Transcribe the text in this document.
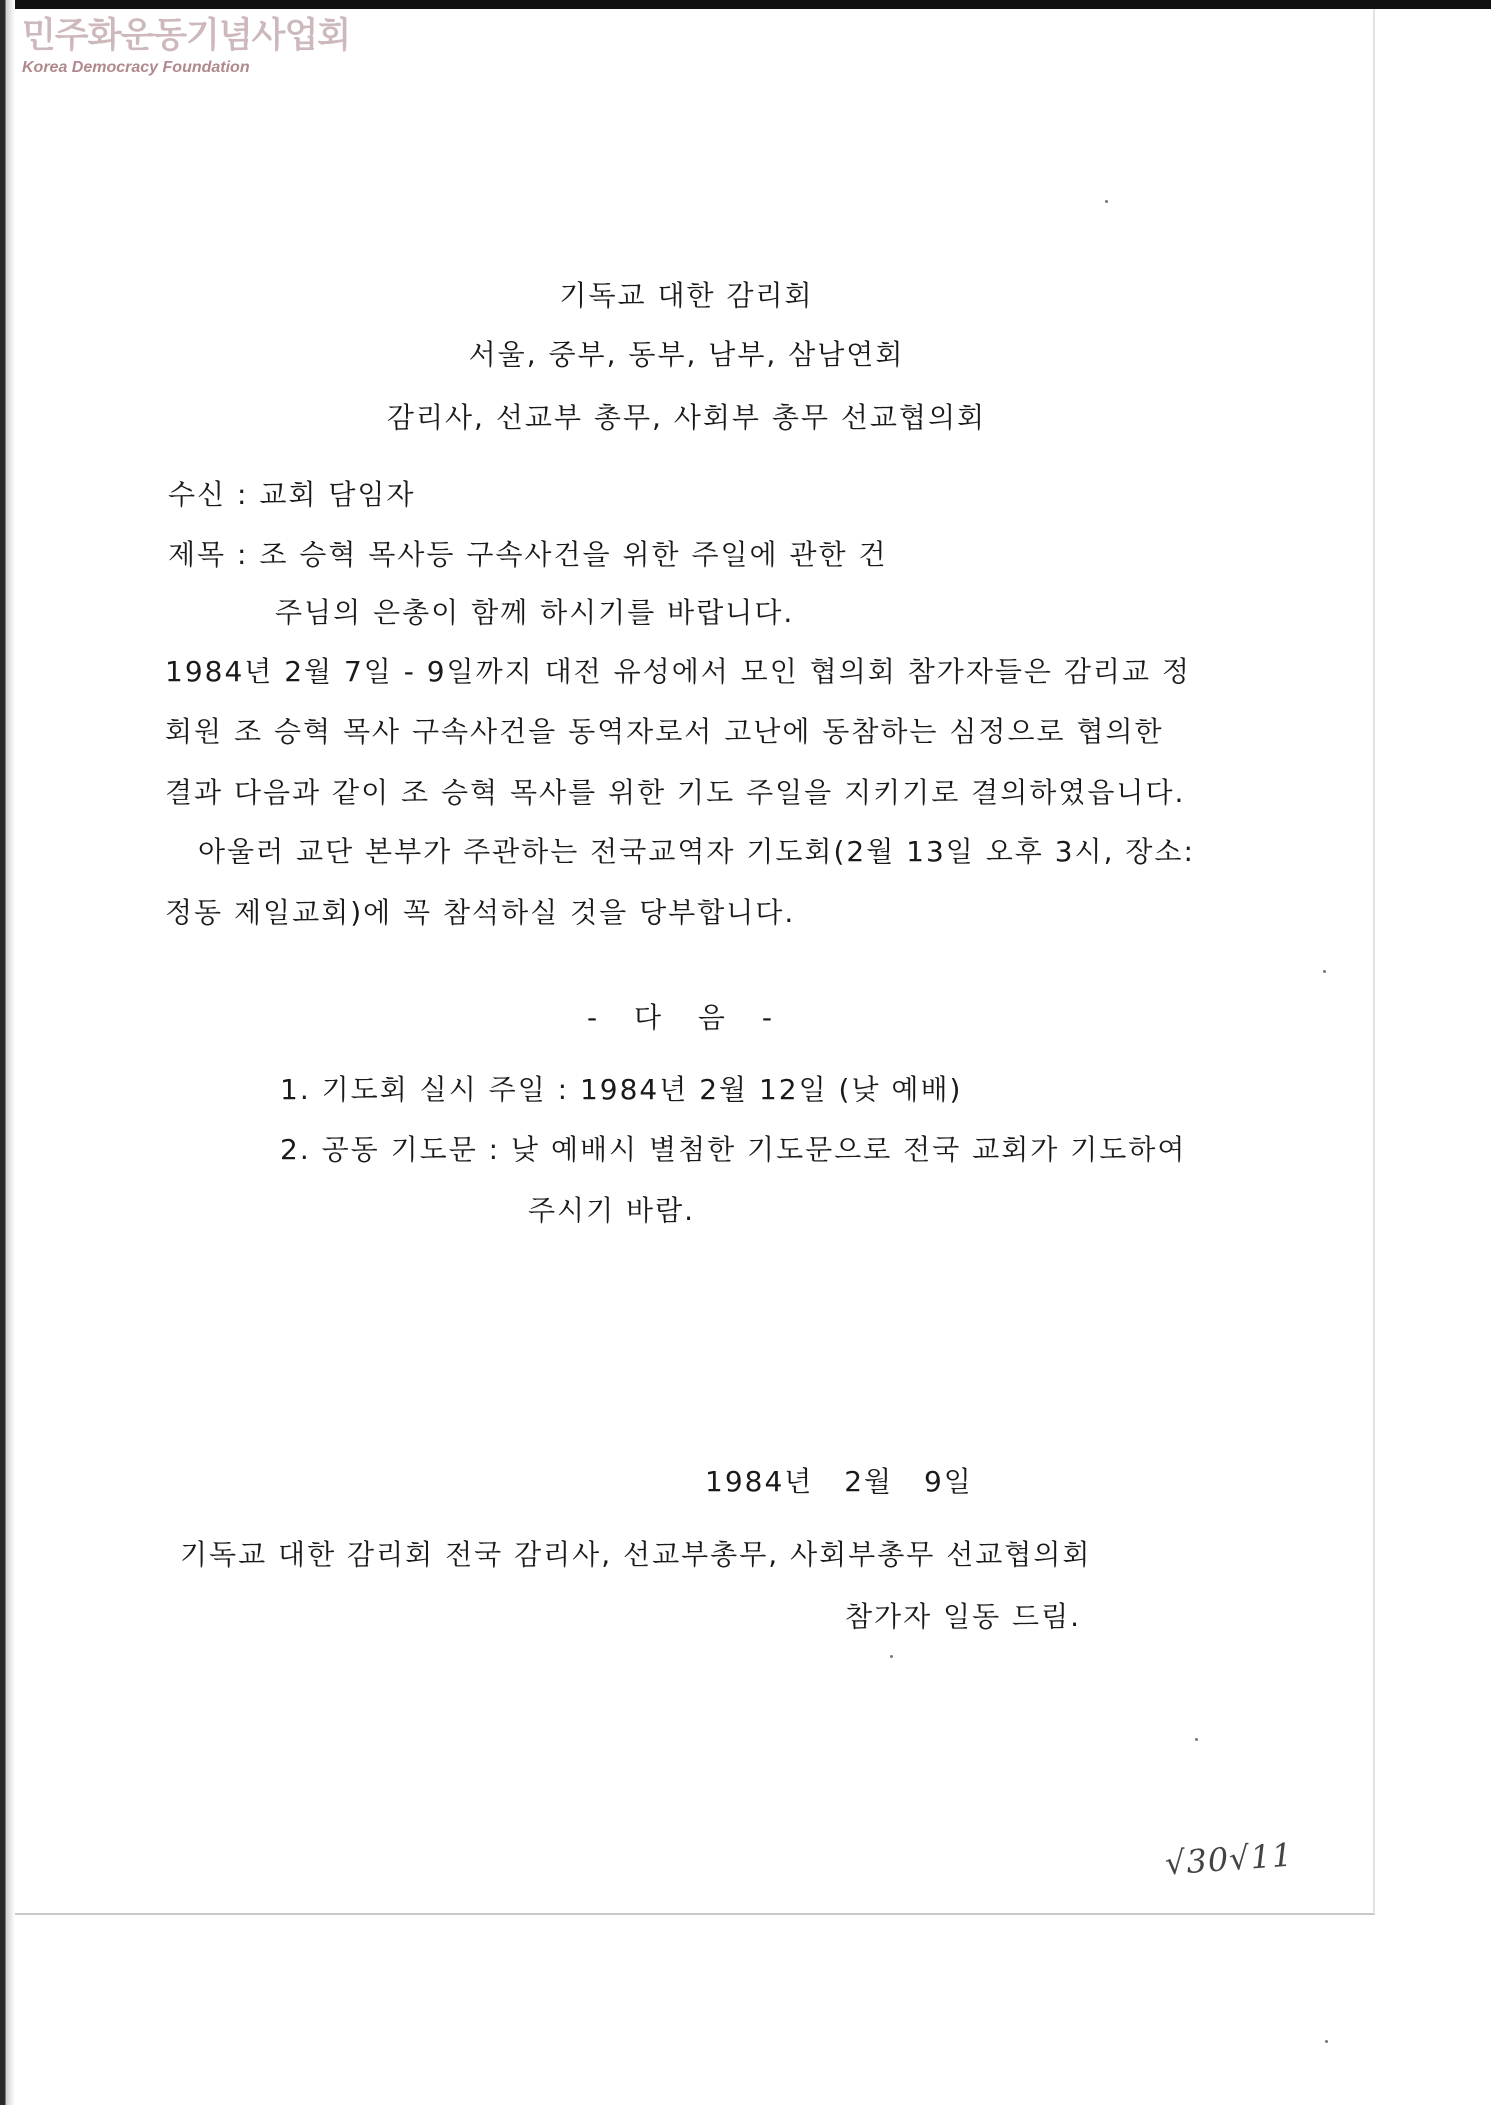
민주화운동기념사업회
Korea Democracy Foundation
기독교 대한 감리회
서울, 중부, 동부, 남부, 삼남연회
감리사, 선교부 총무, 사회부 총무 선교협의회
수신 : 교회 담임자
제목 : 조 승혁 목사등 구속사건을 위한 주일에 관한 건
주님의 은총이 함께 하시기를 바랍니다.
1984년 2월 7일 - 9일까지 대전 유성에서 모인 협의회 참가자들은 감리교 정
회원 조 승혁 목사 구속사건을 동역자로서 고난에 동참하는 심정으로 협의한
결과 다음과 같이 조 승혁 목사를 위한 기도 주일을 지키기로 결의하였읍니다.
아울러 교단 본부가 주관하는 전국교역자 기도회(2월 13일 오후 3시, 장소:
정동 제일교회)에 꼭 참석하실 것을 당부합니다.
- 다 음 -
1. 기도회 실시 주일 : 1984년 2월 12일 (낮 예배)
2. 공동 기도문 : 낮 예배시 별첨한 기도문으로 전국 교회가 기도하여
주시기 바람.
1984년 2월 9일
기독교 대한 감리회 전국 감리사, 선교부총무, 사회부총무 선교협의회
참가자 일동 드림.
√30√11
